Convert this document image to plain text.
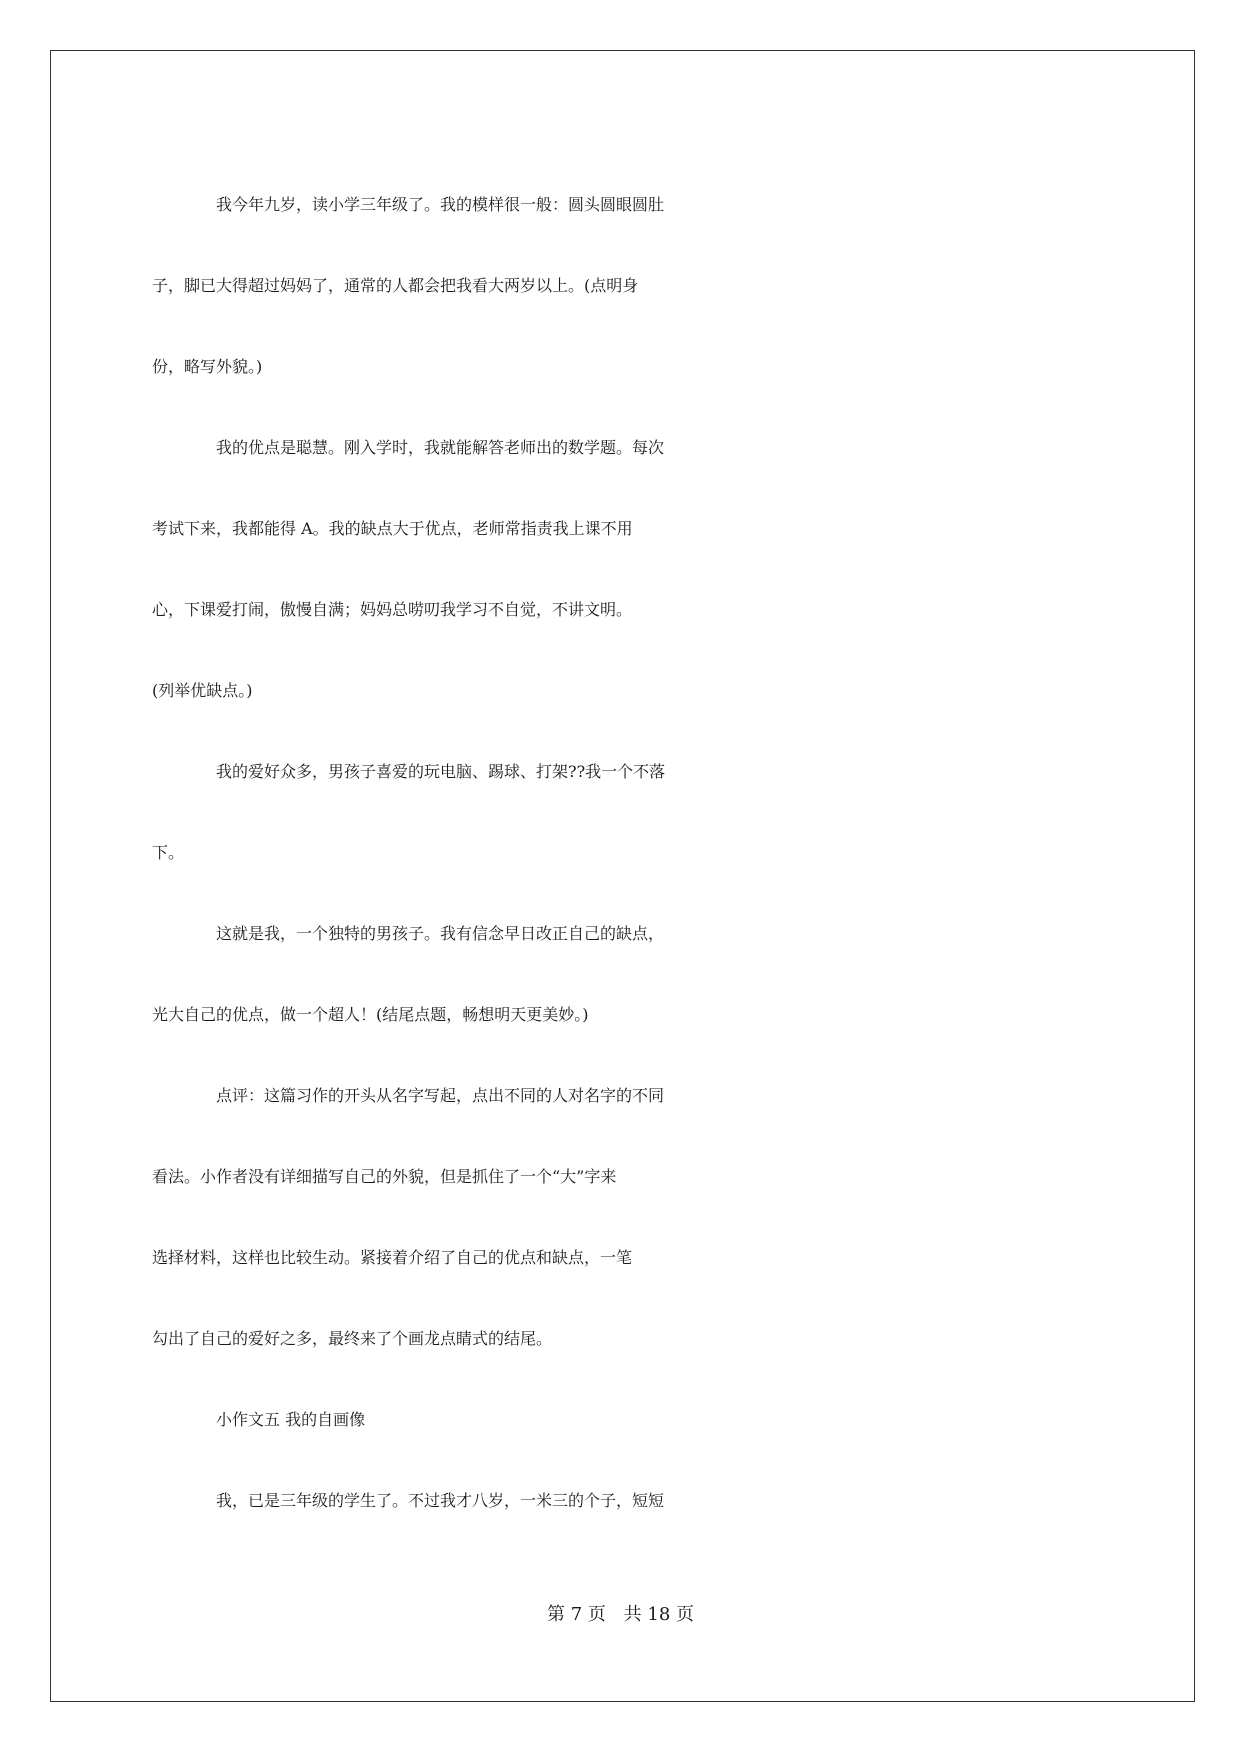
我今年九岁，读小学三年级了。我的模样很一般：圆头圆眼圆肚
子，脚已大得超过妈妈了，通常的人都会把我看大两岁以上。(点明身
份，略写外貌。)
我的优点是聪慧。刚入学时，我就能解答老师出的数学题。每次
考试下来，我都能得 A。我的缺点大于优点，老师常指责我上课不用
心，下课爱打闹，傲慢自满；妈妈总唠叨我学习不自觉，不讲文明。
(列举优缺点。)
我的爱好众多，男孩子喜爱的玩电脑、踢球、打架??我一个不落
下。
这就是我，一个独特的男孩子。我有信念早日改正自己的缺点，
光大自己的优点，做一个超人！(结尾点题，畅想明天更美妙。)
点评：这篇习作的开头从名字写起，点出不同的人对名字的不同
看法。小作者没有详细描写自己的外貌，但是抓住了一个“大”字来
选择材料，这样也比较生动。紧接着介绍了自己的优点和缺点，一笔
勾出了自己的爱好之多，最终来了个画龙点睛式的结尾。
小作文五 我的自画像
我，已是三年级的学生了。不过我才八岁，一米三的个子，短短
第 7 页 共 18 页
